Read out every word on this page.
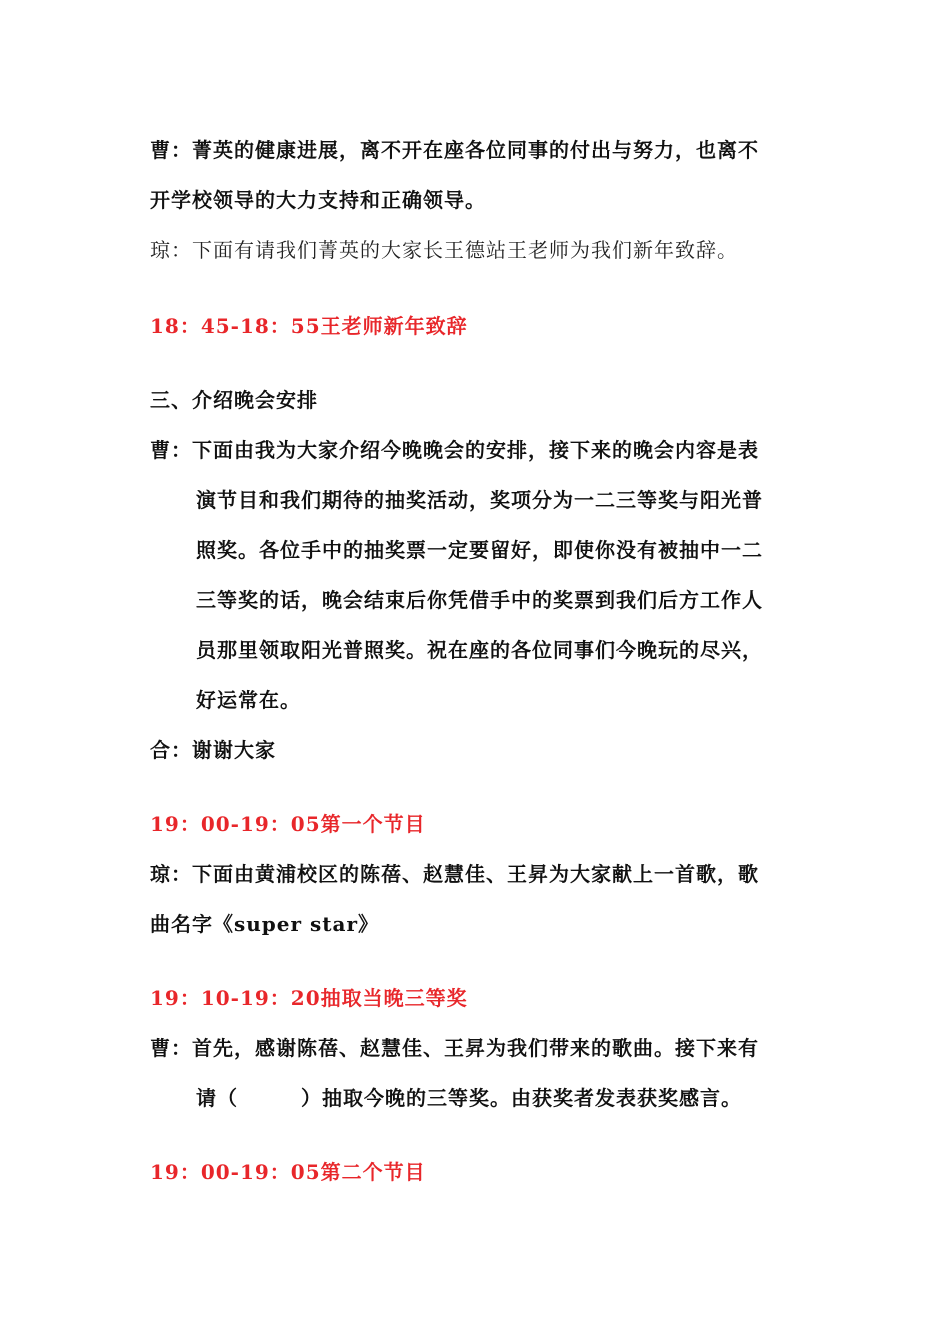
曹：菁英的健康进展，离不开在座各位同事的付出与努力，也离不
开学校领导的大力支持和正确领导。
琼：下面有请我们菁英的大家长王德站王老师为我们新年致辞。
18：45-18：55王老师新年致辞
三、介绍晚会安排
曹：下面由我为大家介绍今晚晚会的安排，接下来的晚会内容是表
演节目和我们期待的抽奖活动，奖项分为一二三等奖与阳光普
照奖。各位手中的抽奖票一定要留好，即使你没有被抽中一二
三等奖的话，晚会结束后你凭借手中的奖票到我们后方工作人
员那里领取阳光普照奖。祝在座的各位同事们今晚玩的尽兴，
好运常在。
合：谢谢大家
19：00-19：05第一个节目
琼：下面由黄浦校区的陈蓓、赵慧佳、王昇为大家献上一首歌，歌
曲名字《super star》
19：10-19：20抽取当晚三等奖
曹：首先，感谢陈蓓、赵慧佳、王昇为我们带来的歌曲。接下来有
请（　　　）抽取今晚的三等奖。由获奖者发表获奖感言。
19：00-19：05第二个节目
